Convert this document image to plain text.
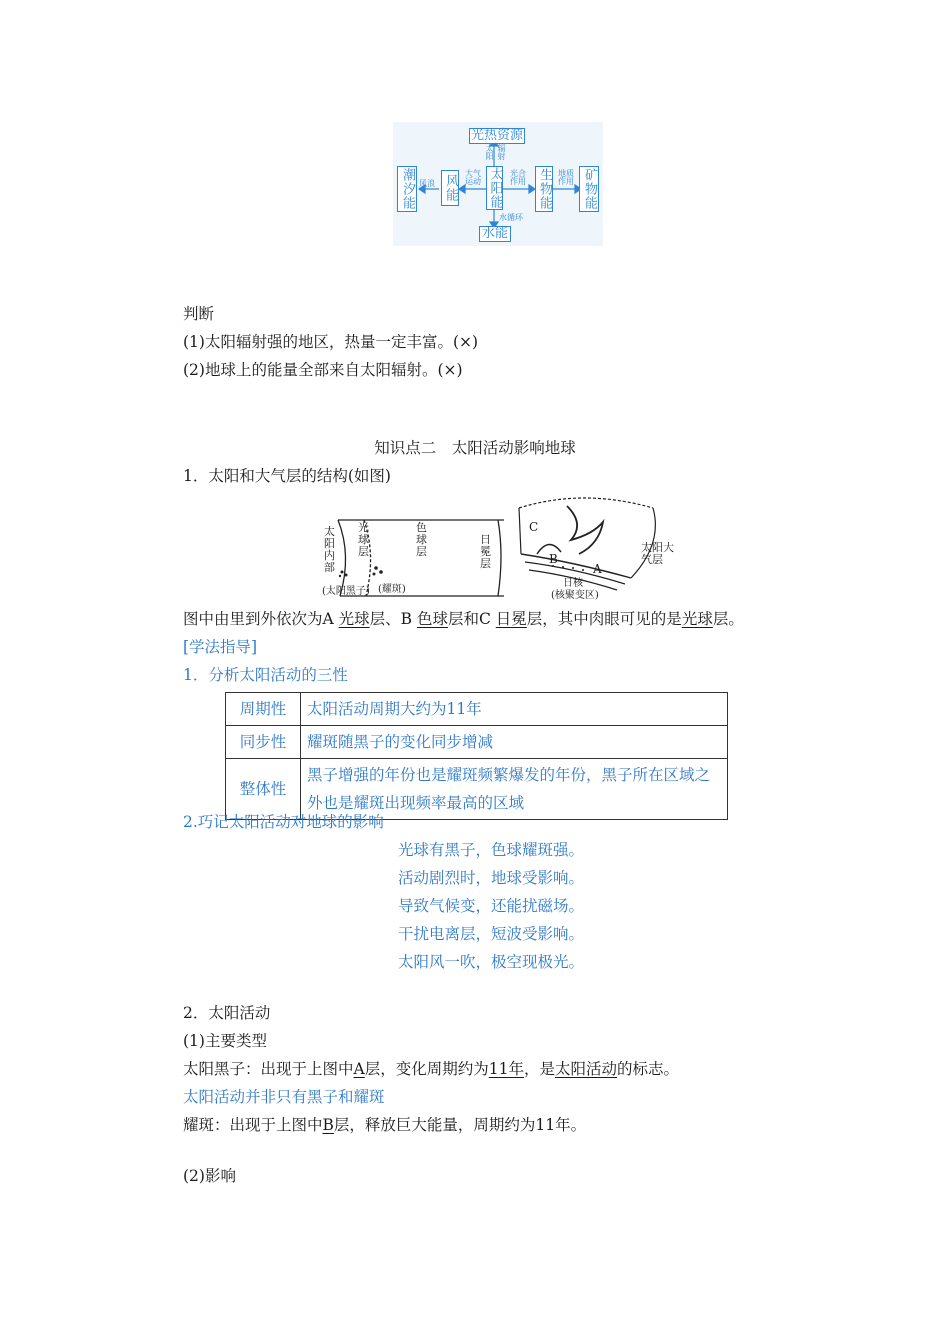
光热资源
太阳能
潮汐能 风能	生物能 矿物能
水能
太阳 辐射
大气运动
风浪
光合作用
地质作用
水循环
判断
(1)太阳辐射强的地区，热量一定丰富。(×)
(2)地球上的能量全部来自太阳辐射。(×)
知识点二　太阳活动影响地球
1．太阳和大气层的结构(如图)
太阳内部
光球层
色球层
日冕层
(太阳黑子) (耀斑)
C
B
A
太阳大气层
日核
(核聚变区)
图中由里到外依次为A 光球层、B 色球层和C 日冕层，其中肉眼可见的是光球层。
[学法指导]
1．分析太阳活动的三性
周期性	太阳活动周期大约为11年
同步性	耀斑随黑子的变化同步增减
整体性	黑子增强的年份也是耀斑频繁爆发的年份，黑子所在区域之外也是耀斑出现频率最高的区域
2.巧记太阳活动对地球的影响
光球有黑子，色球耀斑强。
活动剧烈时，地球受影响。
导致气候变，还能扰磁场。
干扰电离层，短波受影响。
太阳风一吹，极空现极光。
2．太阳活动
(1)主要类型
太阳黑子：出现于上图中A层，变化周期约为11年，是太阳活动的标志。
太阳活动并非只有黑子和耀斑
耀斑：出现于上图中B层，释放巨大能量，周期约为11年。
(2)影响
